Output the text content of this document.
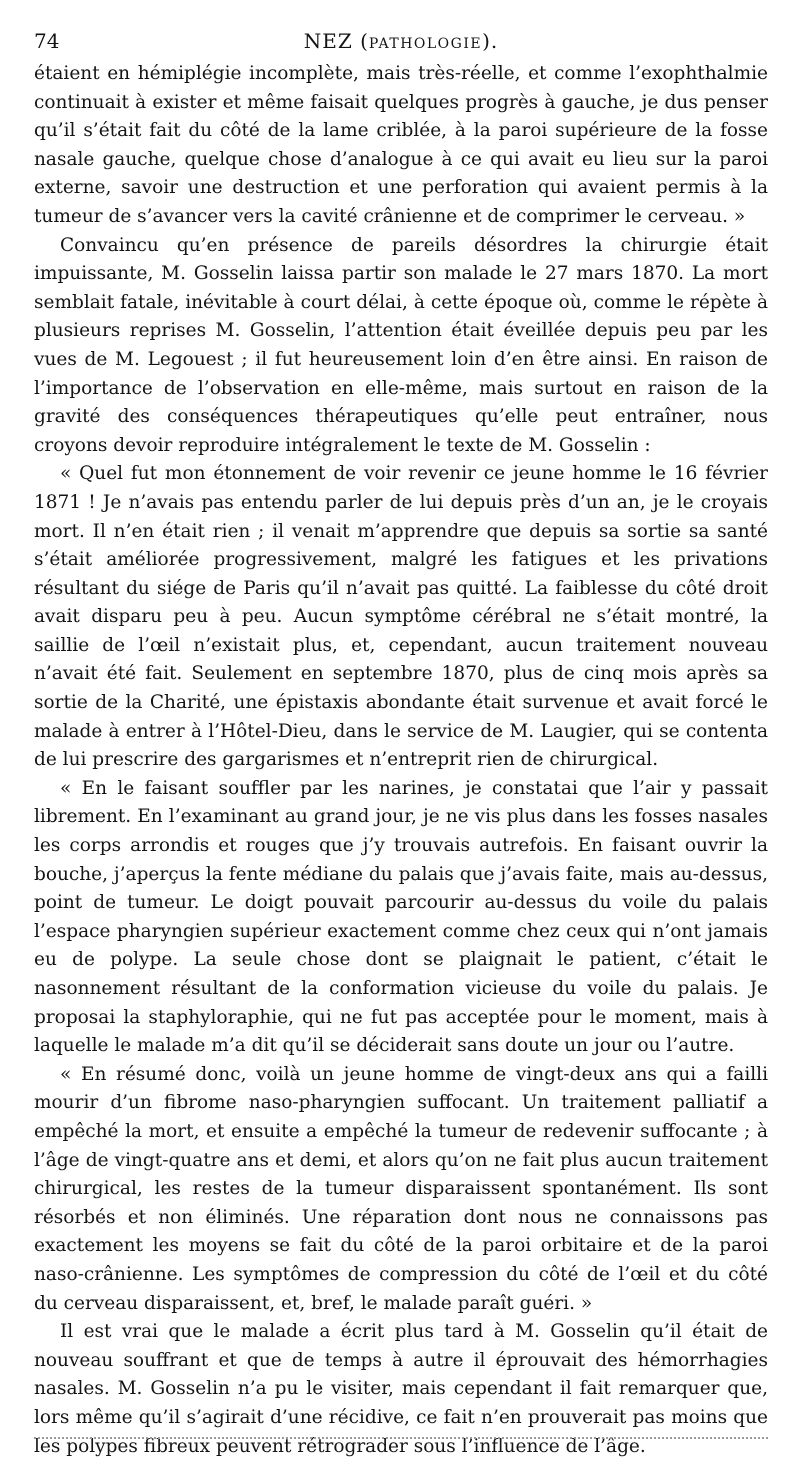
74	NEZ (PATHOLOGIE).

étaient en hémiplégie incomplète, mais très-réelle, et comme l’exophthalmie continuait à exister et même faisait quelques progrès à gauche, je dus penser qu’il s’était fait du côté de la lame criblée, à la paroi supérieure de la fosse nasale gauche, quelque chose d’analogue à ce qui avait eu lieu sur la paroi externe, savoir une destruction et une perforation qui avaient permis à la tumeur de s’avancer vers la cavité crânienne et de comprimer le cerveau. »

Convaincu qu’en présence de pareils désordres la chirurgie était impuissante, M. Gosselin laissa partir son malade le 27 mars 1870. La mort semblait fatale, inévitable à court délai, à cette époque où, comme le répète à plusieurs reprises M. Gosselin, l’attention était éveillée depuis peu par les vues de M. Legouest ; il fut heureusement loin d’en être ainsi. En raison de l’importance de l’observation en elle-même, mais surtout en raison de la gravité des conséquences thérapeutiques qu’elle peut entraîner, nous croyons devoir reproduire intégralement le texte de M. Gosselin :

« Quel fut mon étonnement de voir revenir ce jeune homme le 16 février 1871 ! Je n’avais pas entendu parler de lui depuis près d’un an, je le croyais mort. Il n’en était rien ; il venait m’apprendre que depuis sa sortie sa santé s’était améliorée progressivement, malgré les fatigues et les privations résultant du siége de Paris qu’il n’avait pas quitté. La faiblesse du côté droit avait disparu peu à peu. Aucun symptôme cérébral ne s’était montré, la saillie de l’œil n’existait plus, et, cependant, aucun traitement nouveau n’avait été fait. Seulement en septembre 1870, plus de cinq mois après sa sortie de la Charité, une épistaxis abondante était survenue et avait forcé le malade à entrer à l’Hôtel-Dieu, dans le service de M. Laugier, qui se contenta de lui prescrire des gargarismes et n’entreprit rien de chirurgical.

« En le faisant souffler par les narines, je constatai que l’air y passait librement. En l’examinant au grand jour, je ne vis plus dans les fosses nasales les corps arrondis et rouges que j’y trouvais autrefois. En faisant ouvrir la bouche, j’aperçus la fente médiane du palais que j’avais faite, mais au-dessus, point de tumeur. Le doigt pouvait parcourir au-dessus du voile du palais l’espace pharyngien supérieur exactement comme chez ceux qui n’ont jamais eu de polype. La seule chose dont se plaignait le patient, c’était le nasonnement résultant de la conformation vicieuse du voile du palais. Je proposai la staphyloraphie, qui ne fut pas acceptée pour le moment, mais à laquelle le malade m’a dit qu’il se déciderait sans doute un jour ou l’autre.

« En résumé donc, voilà un jeune homme de vingt-deux ans qui a failli mourir d’un fibrome naso-pharyngien suffocant. Un traitement palliatif a empêché la mort, et ensuite a empêché la tumeur de redevenir suffocante ; à l’âge de vingt-quatre ans et demi, et alors qu’on ne fait plus aucun traitement chirurgical, les restes de la tumeur disparaissent spontanément. Ils sont résorbés et non éliminés. Une réparation dont nous ne connaissons pas exactement les moyens se fait du côté de la paroi orbitaire et de la paroi naso-crânienne. Les symptômes de compression du côté de l’œil et du côté du cerveau disparaissent, et, bref, le malade paraît guéri. »

Il est vrai que le malade a écrit plus tard à M. Gosselin qu’il était de nouveau souffrant et que de temps à autre il éprouvait des hémorrhagies nasales. M. Gosselin n’a pu le visiter, mais cependant il fait remarquer que, lors même qu’il s’agirait d’une récidive, ce fait n’en prouverait pas moins que les polypes fibreux peuvent rétrograder sous l’influence de l’âge.
